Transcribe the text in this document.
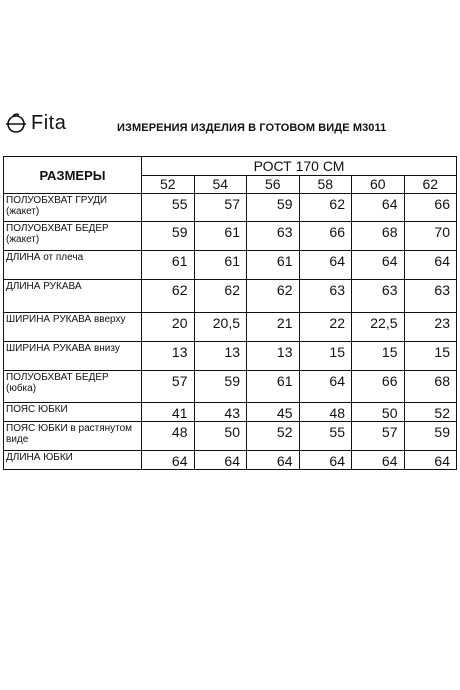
Fita	ИЗМЕРЕНИЯ ИЗДЕЛИЯ В ГОТОВОМ ВИДЕ М3011
РАЗМЕРЫ	РОСТ 170 СМ					
	52	54	56	58	60	62
ПОЛУОБХВАТ ГРУДИ (жакет)	55	57	59	62	64	66
ПОЛУОБХВАТ БЕДЕР (жакет)	59	61	63	66	68	70
ДЛИНА от плеча	61	61	61	64	64	64
ДЛИНА РУКАВА	62	62	62	63	63	63
ШИРИНА РУКАВА вверху	20	20,5	21	22	22,5	23
ШИРИНА РУКАВА внизу	13	13	13	15	15	15
ПОЛУОБХВАТ БЕДЕР (юбка)	57	59	61	64	66	68
ПОЯС ЮБКИ	41	43	45	48	50	52
ПОЯС ЮБКИ в растянутом виде	48	50	52	55	57	59
ДЛИНА ЮБКИ	64	64	64	64	64	64
